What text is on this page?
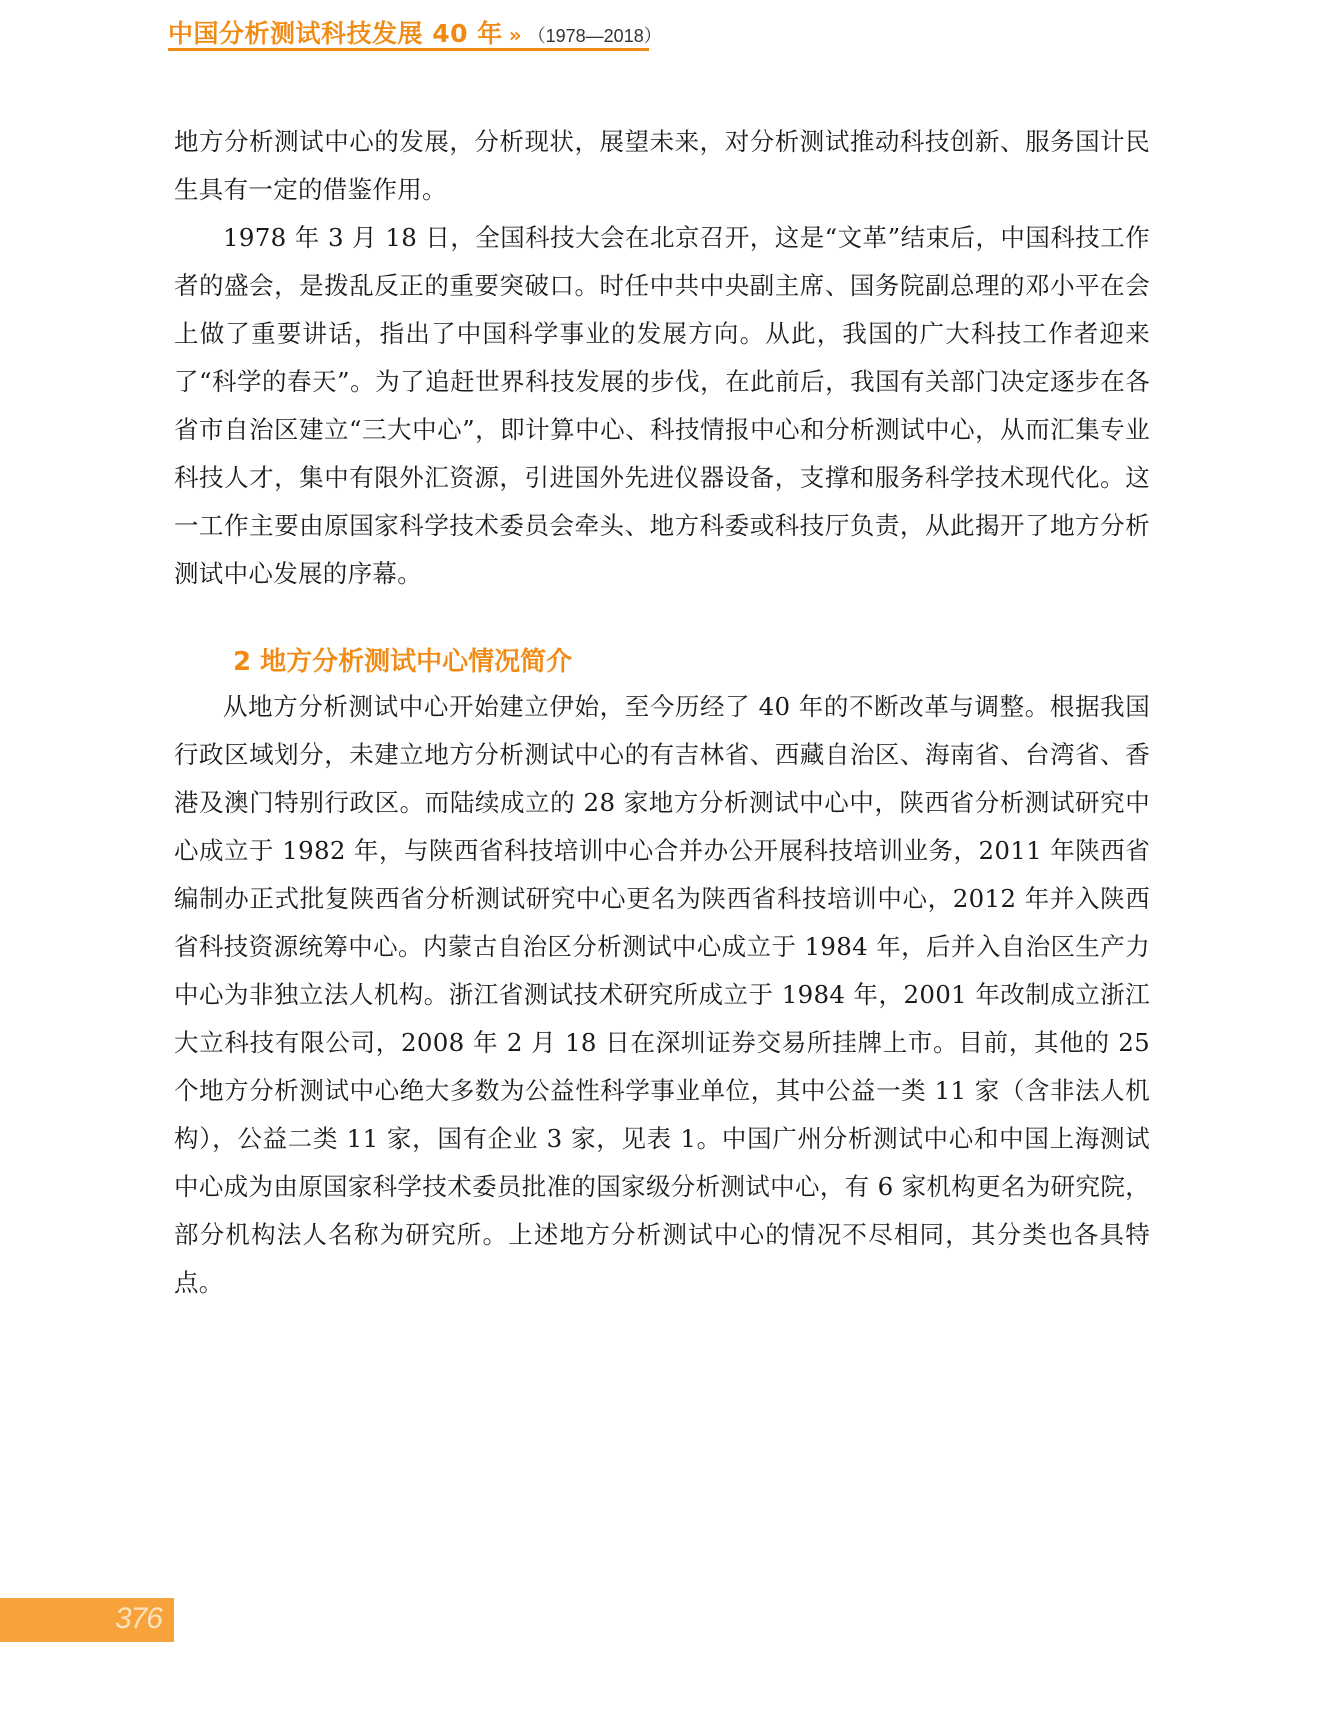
中国分析测试科技发展 40 年 » （1978—2018）

地方分析测试中心的发展，分析现状，展望未来，对分析测试推动科技创新、服务国计民生具有一定的借鉴作用。

1978 年 3 月 18 日，全国科技大会在北京召开，这是“文革”结束后，中国科技工作者的盛会，是拨乱反正的重要突破口。时任中共中央副主席、国务院副总理的邓小平在会上做了重要讲话，指出了中国科学事业的发展方向。从此，我国的广大科技工作者迎来了“科学的春天”。为了追赶世界科技发展的步伐，在此前后，我国有关部门决定逐步在各省市自治区建立“三大中心”，即计算中心、科技情报中心和分析测试中心，从而汇集专业科技人才，集中有限外汇资源，引进国外先进仪器设备，支撑和服务科学技术现代化。这一工作主要由原国家科学技术委员会牵头、地方科委或科技厅负责，从此揭开了地方分析测试中心发展的序幕。

2 地方分析测试中心情况简介

从地方分析测试中心开始建立伊始，至今历经了 40 年的不断改革与调整。根据我国行政区域划分，未建立地方分析测试中心的有吉林省、西藏自治区、海南省、台湾省、香港及澳门特别行政区。而陆续成立的 28 家地方分析测试中心中，陕西省分析测试研究中心成立于 1982 年，与陕西省科技培训中心合并办公开展科技培训业务，2011 年陕西省编制办正式批复陕西省分析测试研究中心更名为陕西省科技培训中心，2012 年并入陕西省科技资源统筹中心。内蒙古自治区分析测试中心成立于 1984 年，后并入自治区生产力中心为非独立法人机构。浙江省测试技术研究所成立于 1984 年，2001 年改制成立浙江大立科技有限公司，2008 年 2 月 18 日在深圳证券交易所挂牌上市。目前，其他的 25 个地方分析测试中心绝大多数为公益性科学事业单位，其中公益一类 11 家（含非法人机构），公益二类 11 家，国有企业 3 家，见表 1。中国广州分析测试中心和中国上海测试中心成为由原国家科学技术委员批准的国家级分析测试中心，有 6 家机构更名为研究院，部分机构法人名称为研究所。上述地方分析测试中心的情况不尽相同，其分类也各具特点。

376
